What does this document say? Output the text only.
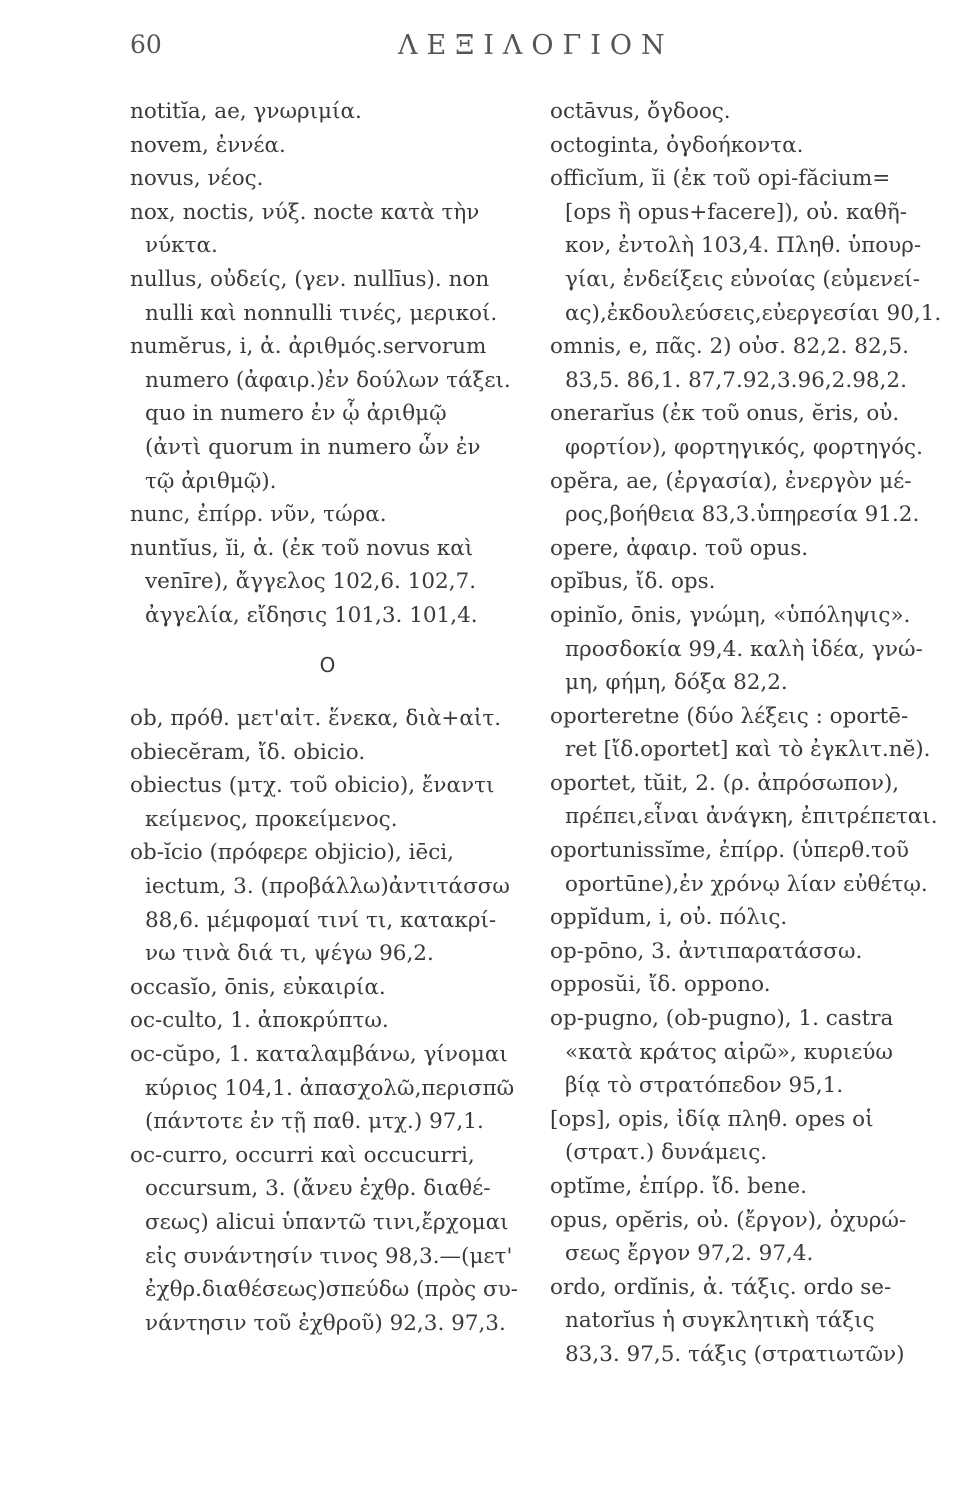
60	ΛΕΞΙΛΟΓΙΟΝ
notitĭa, ae, γνωριμία.
novem, ἐννέα.
novus, νέος.
nox, noctis, νύξ. nocte κατὰ τὴν
νύκτα.
nullus, οὐδείς, (γεν. nullīus). non
nulli καὶ nonnulli τινές, μερικοί.
numĕrus, i, ἀ. ἀριθμός.servorum
numero (ἀφαιρ.)ἐν δούλων τάξει.
quo in numero ἐν ᾧ ἀριθμῷ
(ἀντὶ quorum in numero ὧν ἐν
τῷ ἀριθμῷ).
nunc, ἐπίρρ. νῦν, τώρα.
nuntĭus, ĭi, ἀ. (ἐκ τοῦ novus καὶ
venīre), ἄγγελος 102,6. 102,7.
ἀγγελία, εἴδησις 101,3. 101,4.
O
ob, πρόθ. μετ'αἰτ. ἕνεκα, διὰ+αἰτ.
obiecĕram, ἴδ. obicio.
obiectus (μτχ. τοῦ obicio), ἔναντι
κείμενος, προκείμενος.
ob-ĭcio (πρόφερε objicio), iēci,
iectum, 3. (προβάλλω)ἀντιτάσσω
88,6. μέμφομαί τινί τι, κατακρί-
νω τινὰ διά τι, ψέγω 96,2.
occasĭo, ōnis, εὐκαιρία.
oc-culto, 1. ἀποκρύπτω.
oc-cŭpo, 1. καταλαμβάνω, γίνομαι
κύριος 104,1. ἀπασχολῶ,περισπῶ
(πάντοτε ἐν τῇ παθ. μτχ.) 97,1.
oc-curro, occurri καὶ occucurri,
occursum, 3. (ἄνευ ἐχθρ. διαθέ-
σεως) alicui ὑπαντῶ τινι,ἔρχομαι
εἰς συνάντησίν τινος 98,3.—(μετ'
ἐχθρ.διαθέσεως)σπεύδω (πρὸς συ-
νάντησιν τοῦ ἐχθροῦ) 92,3. 97,3.
octāvus, ὄγδοος.
octoginta, ὀγδοήκοντα.
officĭum, ĭi (ἐκ τοῦ opi-făcium=
[ops ἢ opus+facere]), οὐ. καθῆ-
κον, ἐντολὴ 103,4. Πληθ. ὑπουρ-
γίαι, ἐνδείξεις εὐνοίας (εὐμενεί-
ας),ἐκδουλεύσεις,εὐεργεσίαι 90,1.
omnis, e, πᾶς. 2) οὐσ. 82,2. 82,5.
83,5. 86,1. 87,7.92,3.96,2.98,2.
onerarĭus (ἐκ τοῦ onus, ĕris, οὐ.
φορτίον), φορτηγικός, φορτηγός.
opĕra, ae, (ἐργασία), ἐνεργὸν μέ-
ρος,βοήθεια 83,3.ὑπηρεσία 91.2.
opere, ἀφαιρ. τοῦ opus.
opĭbus, ἴδ. ops.
opinĭo, ōnis, γνώμη, «ὑπόληψις».
προσδοκία 99,4. καλὴ ἰδέα, γνώ-
μη, φήμη, δόξα 82,2.
oporteretne (δύο λέξεις : oportē-
ret [ἴδ.oportet] καὶ τὸ ἐγκλιτ.nĕ).
oportet, tŭit, 2. (ρ. ἀπρόσωπον),
πρέπει,εἶναι ἀνάγκη, ἐπιτρέπεται.
oportunissĭme, ἐπίρρ. (ὑπερθ.τοῦ
oportūne),ἐν χρόνῳ λίαν εὐθέτῳ.
oppĭdum, i, οὐ. πόλις.
op-pōno, 3. ἀντιπαρατάσσω.
opposŭi, ἴδ. oppono.
op-pugno, (ob-pugno), 1. castra
«κατὰ κράτος αἱρῶ», κυριεύω
βίᾳ τὸ στρατόπεδον 95,1.
[ops], opis, ἰδίᾳ πληθ. opes οἱ
(στρατ.) δυνάμεις.
optĭme, ἐπίρρ. ἴδ. bene.
opus, opĕris, οὐ. (ἔργον), ὀχυρώ-
σεως ἔργον 97,2. 97,4.
ordo, ordĭnis, ἀ. τάξις. ordo se-
natorĭus ἡ συγκλητικὴ τάξις
83,3. 97,5. τάξις (στρατιωτῶν)
